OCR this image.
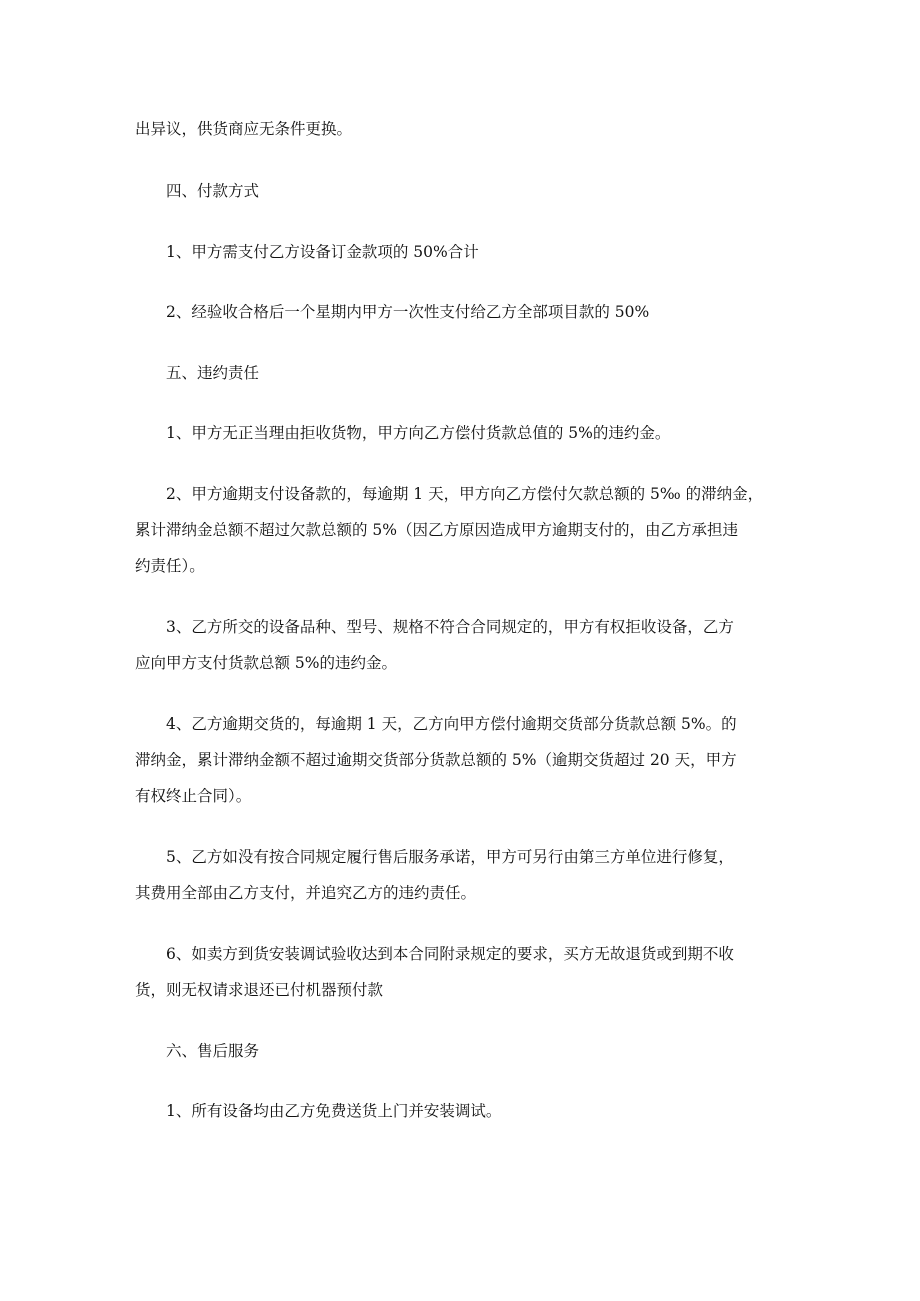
出异议，供货商应无条件更换。
四、付款方式
1、甲方需支付乙方设备订金款项的 50%合计
2、经验收合格后一个星期内甲方一次性支付给乙方全部项目款的 50%
五、违约责任
1、甲方无正当理由拒收货物，甲方向乙方偿付货款总值的 5%的违约金。
2、甲方逾期支付设备款的，每逾期 1 天，甲方向乙方偿付欠款总额的 5‰ 的滞纳金，
累计滞纳金总额不超过欠款总额的 5%（因乙方原因造成甲方逾期支付的，由乙方承担违
约责任）。
3、乙方所交的设备品种、型号、规格不符合合同规定的，甲方有权拒收设备，乙方
应向甲方支付货款总额 5%的违约金。
4、乙方逾期交货的，每逾期 1 天，乙方向甲方偿付逾期交货部分货款总额 5%。的
滞纳金，累计滞纳金额不超过逾期交货部分货款总额的 5%（逾期交货超过 20 天，甲方
有权终止合同）。
5、乙方如没有按合同规定履行售后服务承诺，甲方可另行由第三方单位进行修复，
其费用全部由乙方支付，并追究乙方的违约责任。
6、如卖方到货安装调试验收达到本合同附录规定的要求，买方无故退货或到期不收
货，则无权请求退还已付机器预付款
六、售后服务
1、所有设备均由乙方免费送货上门并安装调试。
